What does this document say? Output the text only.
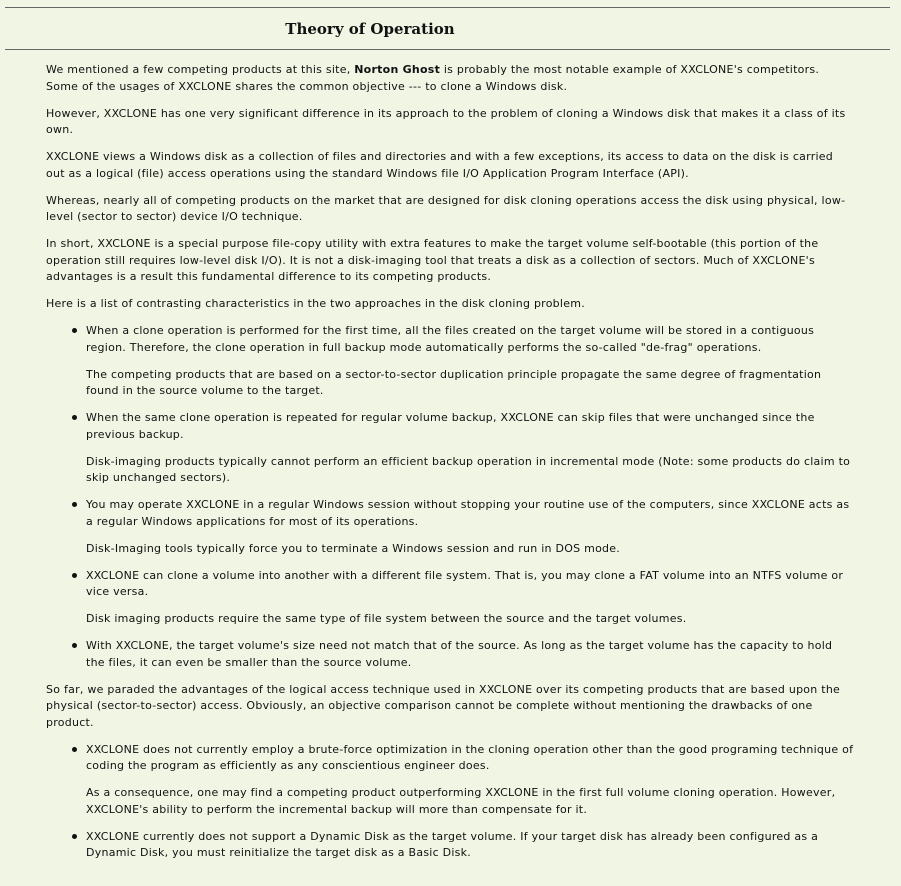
Theory of Operation

We mentioned a few competing products at this site, Norton Ghost is probably the most notable example of XXCLONE's competitors. Some of the usages of XXCLONE shares the common objective --- to clone a Windows disk.

However, XXCLONE has one very significant difference in its approach to the problem of cloning a Windows disk that makes it a class of its own.

XXCLONE views a Windows disk as a collection of files and directories and with a few exceptions, its access to data on the disk is carried out as a logical (file) access operations using the standard Windows file I/O Application Program Interface (API).

Whereas, nearly all of competing products on the market that are designed for disk cloning operations access the disk using physical, low-level (sector to sector) device I/O technique.

In short, XXCLONE is a special purpose file-copy utility with extra features to make the target volume self-bootable (this portion of the operation still requires low-level disk I/O). It is not a disk-imaging tool that treats a disk as a collection of sectors. Much of XXCLONE's advantages is a result this fundamental difference to its competing products.

Here is a list of contrasting characteristics in the two approaches in the disk cloning problem.

When a clone operation is performed for the first time, all the files created on the target volume will be stored in a contiguous region. Therefore, the clone operation in full backup mode automatically performs the so-called "de-frag" operations.

The competing products that are based on a sector-to-sector duplication principle propagate the same degree of fragmentation found in the source volume to the target.

When the same clone operation is repeated for regular volume backup, XXCLONE can skip files that were unchanged since the previous backup.

Disk-imaging products typically cannot perform an efficient backup operation in incremental mode (Note: some products do claim to skip unchanged sectors).

You may operate XXCLONE in a regular Windows session without stopping your routine use of the computers, since XXCLONE acts as a regular Windows applications for most of its operations.

Disk-Imaging tools typically force you to terminate a Windows session and run in DOS mode.

XXCLONE can clone a volume into another with a different file system. That is, you may clone a FAT volume into an NTFS volume or vice versa.

Disk imaging products require the same type of file system between the source and the target volumes.

With XXCLONE, the target volume's size need not match that of the source. As long as the target volume has the capacity to hold the files, it can even be smaller than the source volume.

So far, we paraded the advantages of the logical access technique used in XXCLONE over its competing products that are based upon the physical (sector-to-sector) access. Obviously, an objective comparison cannot be complete without mentioning the drawbacks of one product.

XXCLONE does not currently employ a brute-force optimization in the cloning operation other than the good programing technique of coding the program as efficiently as any conscientious engineer does.

As a consequence, one may find a competing product outperforming XXCLONE in the first full volume cloning operation. However, XXCLONE's ability to perform the incremental backup will more than compensate for it.

XXCLONE currently does not support a Dynamic Disk as the target volume. If your target disk has already been configured as a Dynamic Disk, you must reinitialize the target disk as a Basic Disk.
